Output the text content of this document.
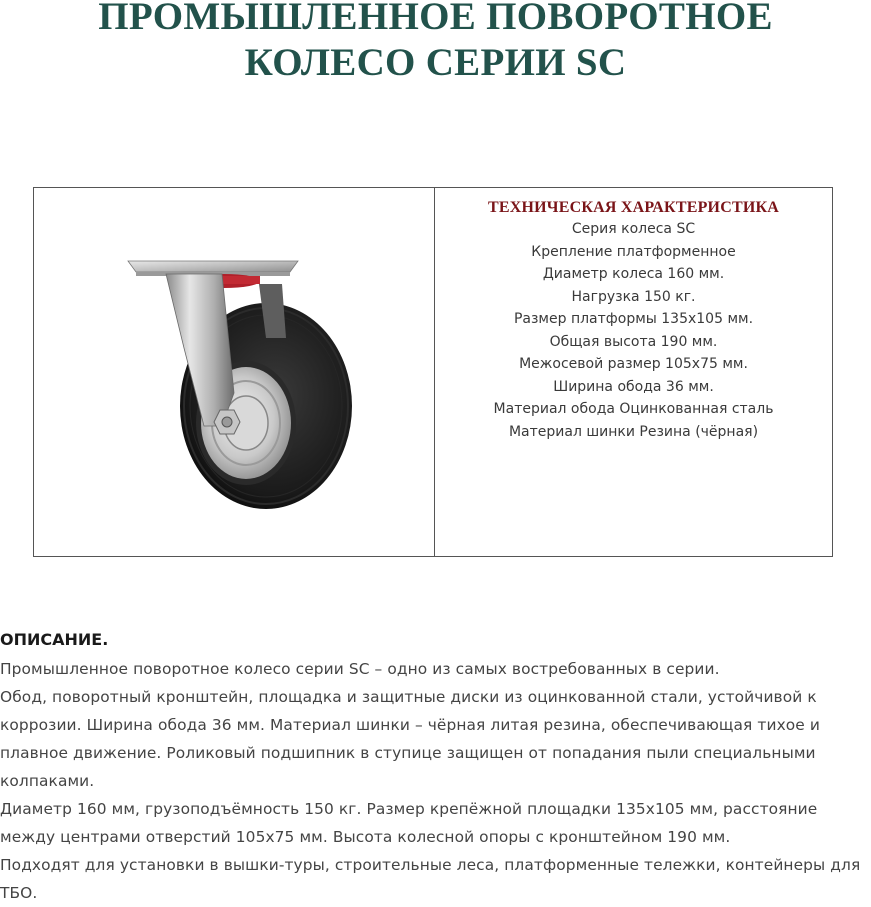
ПРОМЫШЛЕННОЕ ПОВОРОТНОЕ
КОЛЕСО СЕРИИ SC
ТЕХНИЧЕСКАЯ ХАРАКТЕРИСТИКА
Серия колеса SC
Крепление платформенное
Диаметр колеса 160 мм.
Нагрузка 150 кг.
Размер платформы 135х105 мм.
Общая высота 190 мм.
Межосевой размер 105х75 мм.
Ширина обода 36 мм.
Материал обода Оцинкованная сталь
Материал шинки Резина (чёрная)
ОПИСАНИЕ.

Промышленное поворотное колесо серии SC – одно из самых востребованных в серии.

Обод, поворотный кронштейн, площадка и защитные диски из оцинкованной стали, устойчивой к коррозии. Ширина обода 36 мм. Материал шинки – чёрная литая резина, обеспечивающая тихое и плавное движение. Роликовый подшипник в ступице защищен от попадания пыли специальными колпаками.

Диаметр 160 мм, грузоподъёмность 150 кг. Размер крепёжной площадки 135х105 мм, расстояние между центрами отверстий 105х75 мм. Высота колесной опоры с кронштейном 190 мм.

Подходят для установки в вышки-туры, строительные леса, платформенные тележки, контейнеры для ТБО.
